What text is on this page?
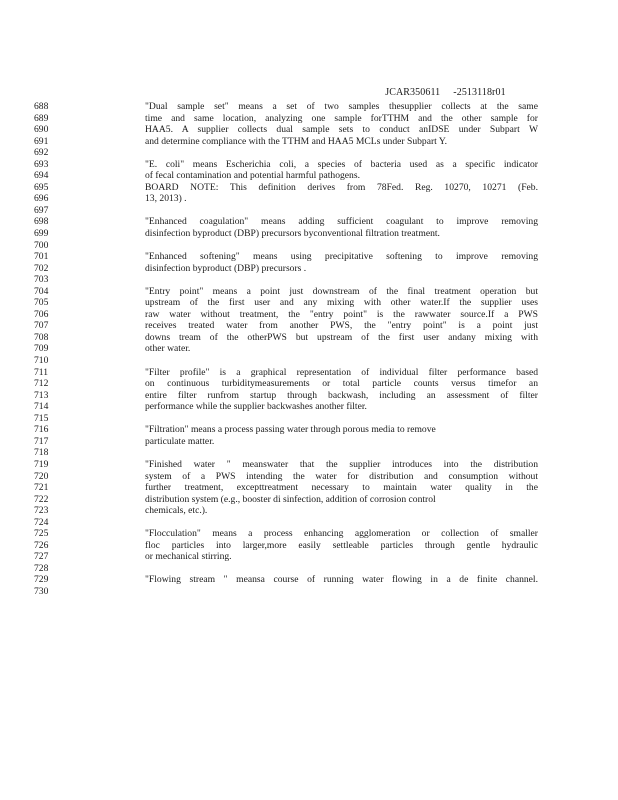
JCAR350611 -2513118r01

688	"Dual sample set" means a set of two samples thesupplier collects at the same
689	time and same location, analyzing one sample forTTHM and the other sample for
690	HAA5. A supplier collects dual sample sets to conduct anIDSE under Subpart W
691	and determine compliance with the TTHM and HAA5 MCLs under Subpart Y.
692
693	"E. coli" means Escherichia coli, a species of bacteria used as a specific indicator
694	of fecal contamination and potential harmful pathogens.
695	BOARD NOTE: This definition derives from 78Fed. Reg. 10270, 10271 (Feb.
696	13, 2013) .
697
698	"Enhanced coagulation" means adding sufficient coagulant to improve removing
699	disinfection byproduct (DBP) precursors byconventional filtration treatment.
700
701	"Enhanced softening" means using precipitative softening to improve removing
702	disinfection byproduct (DBP) precursors .
703
704	"Entry point" means a point just downstream of the final treatment operation but
705	upstream of the first user and any mixing with other water.If the supplier uses
706	raw water without treatment, the "entry point" is the rawwater source.If a PWS
707	receives treated water from another PWS, the "entry point" is a point just
708	downs tream of the otherPWS but upstream of the first user andany mixing with
709	other water.
710
711	"Filter profile" is a graphical representation of individual filter performance based
712	on continuous turbiditymeasurements or total particle counts versus timefor an
713	entire filter runfrom startup through backwash, including an assessment of filter
714	performance while the supplier backwashes another filter.
715
716	"Filtration" means a process passing water through porous media to remove
717	particulate matter.
718
719	"Finished water " meanswater that the supplier introduces into the distribution
720	system of a PWS intending the water for distribution and consumption without
721	further treatment, excepttreatment necessary to maintain water quality in the
722	distribution system (e.g., booster di sinfection, addition of corrosion control
723	chemicals, etc.).
724
725	"Flocculation" means a process enhancing agglomeration or collection of smaller
726	floc particles into larger,more easily settleable particles through gentle hydraulic
727	or mechanical stirring.
728
729	"Flowing stream " meansa course of running water flowing in a de finite channel.
730
